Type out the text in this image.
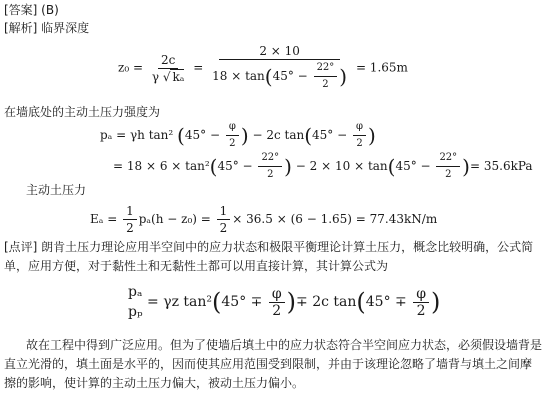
[答案] (B)
[解析] 临界深度
$z_0 = \frac{2c}{\text{γ √ kₐ}} = \frac{2 \times 10}{18 \times \tan(45^\circ - \frac{22^\circ}{2} )} = 1.65m$
在墙底处的主动土压力强度为
pₐ = γh tan² ($45^\circ - \frac{\varphi}{2}$ ) − 2c $\tan(45^\circ - \frac{\varphi}{2}$ )
= $18 \times 6 \times \tan^2(45^\circ - \frac{22^\circ}{2}$ ) − $2 \times 10 \times \tan(45^\circ - \frac{22^\circ}{2}$ )= 35.6kPa
主动土压力
$E_a = \frac{1}{2} p_a(h - z_0) = \frac{1}{2} \times 36.5 \times (6 - 1.65) = 77.43kN/m$
[点评] 朗肯土压力理论应用半空间中的应力状态和极限平衡理论计算土压力，概念比较明确，公式简单，应用方便，对于黏性土和无黏性土都可以用直接计算，其计算公式为
pₐ
pₚ
= γz $\tan^2(45^\circ \mp \frac{\varphi}{2}$ )∓ 2c $\tan(45^\circ \mp \frac{\varphi}{2}$ )
故在工程中得到广泛应用。但为了使墙后填土中的应力状态符合半空间应力状态，必须假设墙背是直立光滑的，填土面是水平的，因而使其应用范围受到限制，并由于该理论忽略了墙背与填土之间摩擦的影响，使计算的主动土压力偏大，被动土压力偏小。
